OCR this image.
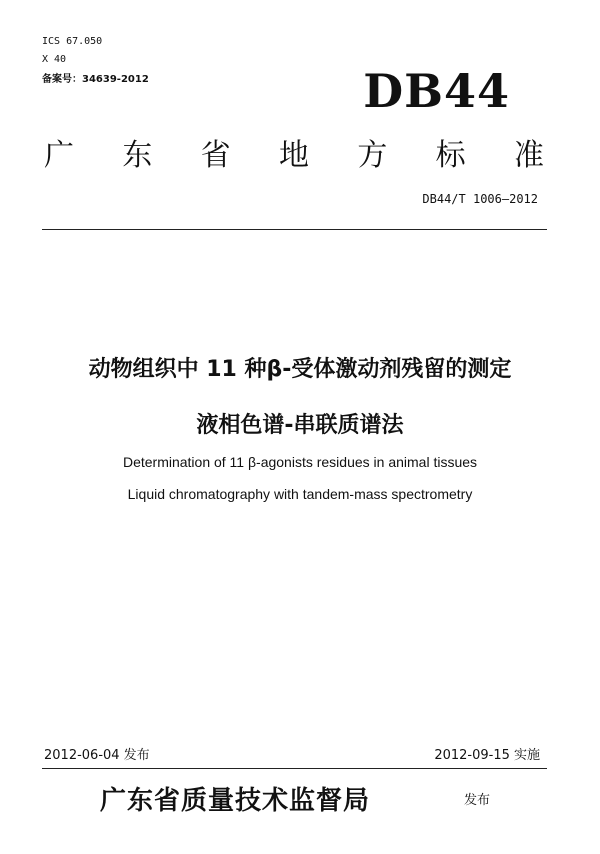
ICS 67.050
X 40
备案号：34639-2012	DB44
广 东 省 地 方 标 准
DB44/T 1006—2012
动物组织中 11 种β-受体激动剂残留的测定
液相色谱-串联质谱法
Determination of 11 β-agonists residues in animal tissues
Liquid chromatography with tandem-mass spectrometry
2012-06-04 发布	2012-09-15 实施
广东省质量技术监督局	发布
